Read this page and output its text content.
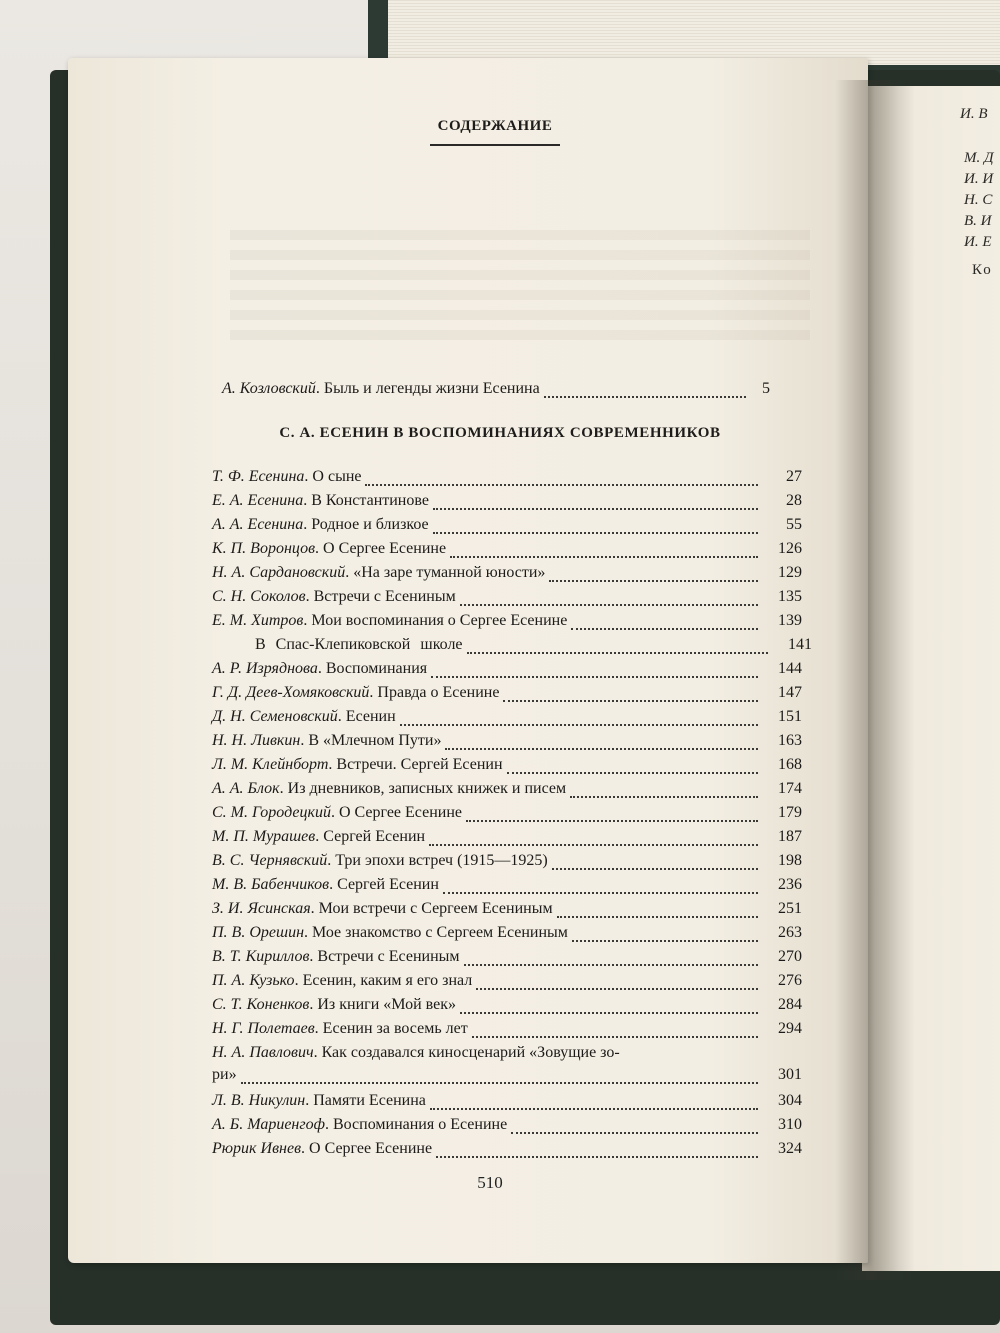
И. В
М. Д
И. И
Н. С
В. И
И. Е
Ко
СОДЕРЖАНИЕ
А. Козловский . Быль и легенды жизни Есенина	5
С. А. ЕСЕНИН В ВОСПОМИНАНИЯХ СОВРЕМЕННИКОВ
Т. Ф. Есенина . О сыне	27
Е. А. Есенина . В Константинове	28
А. А. Есенина . Родное и близкое	55
К. П. Воронцов . О Сергее Есенине	126
Н. А. Сардановский . «На заре туманной юности»	129
С. Н. Соколов . Встречи с Есениным	135
Е. М. Хитров . Мои воспоминания о Сергее Есенине	139
В Спас-Клепиковской школе	141
А. Р. Изряднова . Воспоминания	144
Г. Д. Деев-Хомяковский . Правда о Есенине	147
Д. Н. Семеновский . Есенин	151
Н. Н. Ливкин . В «Млечном Пути»	163
Л. М. Клейнборт . Встречи. Сергей Есенин	168
А. А. Блок . Из дневников, записных книжек и писем	174
С. М. Городецкий . О Сергее Есенине	179
М. П. Мурашев . Сергей Есенин	187
В. С. Чернявский . Три эпохи встреч (1915—1925)	198
М. В. Бабенчиков . Сергей Есенин	236
З. И. Ясинская . Мои встречи с Сергеем Есениным	251
П. В. Орешин . Мое знакомство с Сергеем Есениным	263
В. Т. Кириллов . Встречи с Есениным	270
П. А. Кузько . Есенин, каким я его знал	276
С. Т. Коненков . Из книги «Мой век»	284
Н. Г. Полетаев . Есенин за восемь лет	294
Н. А. Павлович . Как создавался киносценарий «Зовущие зо-
ри»	301
Л. В. Никулин . Памяти Есенина	304
А. Б. Мариенгоф . Воспоминания о Есенине	310
Рюрик Ивнев . О Сергее Есенине	324
510
